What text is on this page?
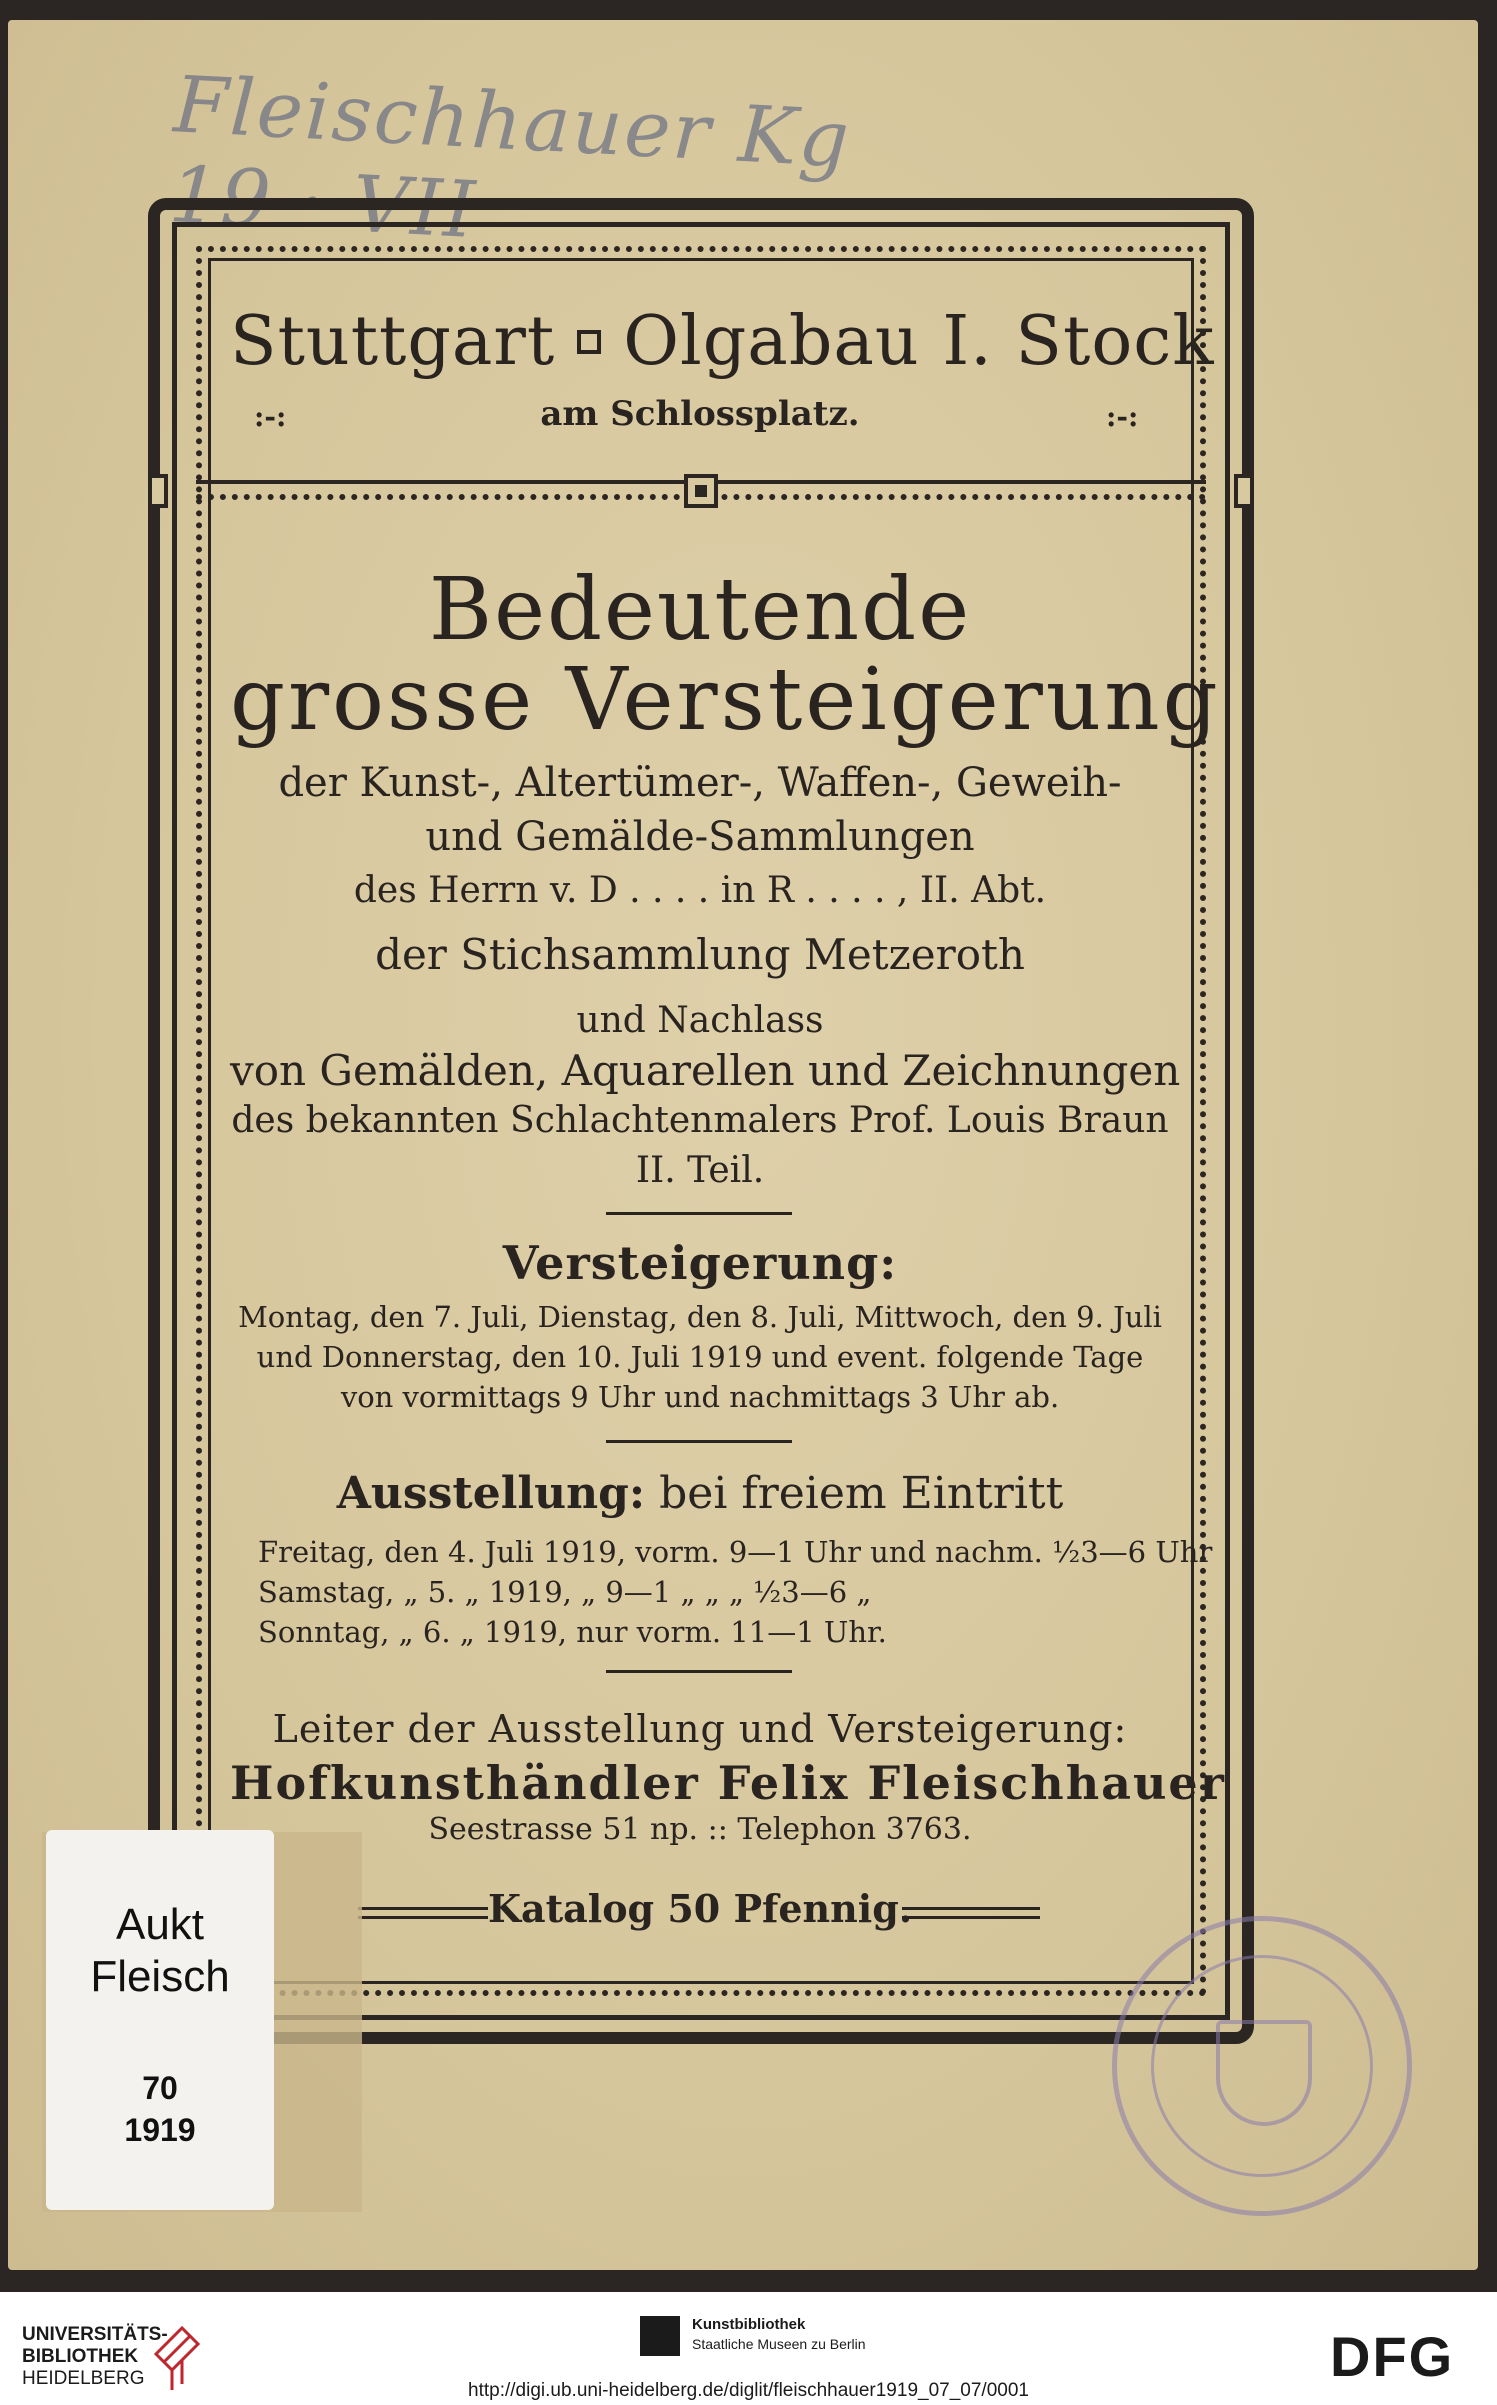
Fleischhauer Kg 19 · VII
Stuttgart Olgabau I. Stock
:-:	am Schlossplatz.	:-:
Bedeutende
grosse Versteigerung
der Kunst-, Altertümer-, Waffen-, Geweih-
und Gemälde-Sammlungen
des Herrn v. D . . . . in R . . . . , II. Abt.
der Stichsammlung Metzeroth
und Nachlass
von Gemälden, Aquarellen und Zeichnungen
des bekannten Schlachtenmalers Prof. Louis Braun
II. Teil.
Versteigerung:
Montag, den 7. Juli, Dienstag, den 8. Juli, Mittwoch, den 9. Juli
und Donnerstag, den 10. Juli 1919 und event. folgende Tage
von vormittags 9 Uhr und nachmittags 3 Uhr ab.
Ausstellung: bei freiem Eintritt
Freitag, den 4. Juli 1919, vorm. 9—1 Uhr und nachm. ½3—6 Uhr
Samstag, „ 5. „ 1919, „ 9—1 „ „ „ ½3—6 „
Sonntag, „ 6. „ 1919, nur vorm. 11—1 Uhr.
Leiter der Ausstellung und Versteigerung:
Hofkunsthändler Felix Fleischhauer
Seestrasse 51 np. :: Telephon 3763.
Katalog 50 Pfennig.
Aukt
Fleisch
70
1919
UNIVERSITÄTS-
BIBLIOTHEK
HEIDELBERG
Kunstbibliothek
Staatliche Museen zu Berlin	DFG
http://digi.ub.uni-heidelberg.de/diglit/fleischhauer1919_07_07/0001
